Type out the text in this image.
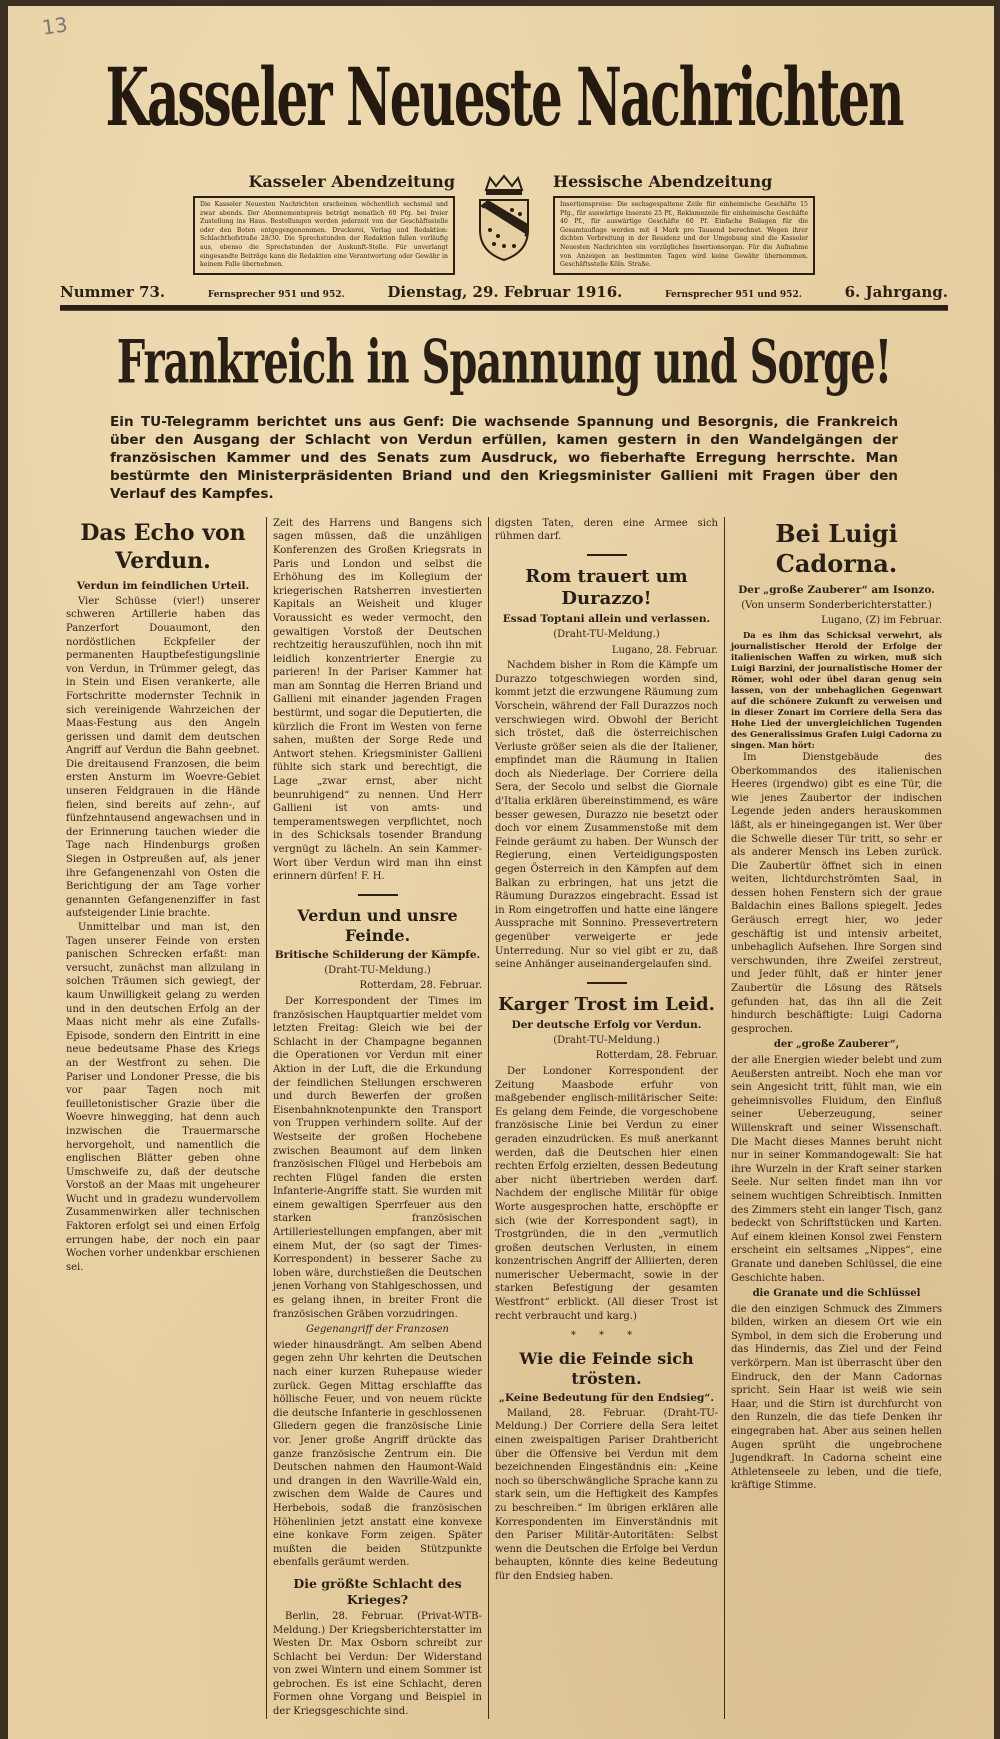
13
Kasseler Neueste Nachrichten
Kasseler Abendzeitung
Die Kasseler Neuesten Nachrichten erscheinen wöchentlich sechsmal und zwar abends. Der Abonnementspreis beträgt monatlich 60 Pfg. bei freier Zustellung ins Haus. Bestellungen werden jederzeit von der Geschäftsstelle oder den Boten entgegengenommen. Druckerei, Verlag und Redaktion: Schlachthofstraße 28/30. Die Sprechstunden der Redaktion fallen vorläufig aus, ebenso die Sprechstunden der Auskunft-Stelle. Für unverlangt eingesandte Beiträge kann die Redaktion eine Verantwortung oder Gewähr in keinem Falle übernehmen.
Hessische Abendzeitung
Insertionspreise: Die sechsgespaltene Zeile für einheimische Geschäfte 15 Pfg., für auswärtige Inserate 25 Pf., Reklamezeile für einheimische Geschäfte 40 Pf., für auswärtige Geschäfte 60 Pf. Einfache Beilagen für die Gesamtauflage werden mit 4 Mark pro Tausend berechnet. Wegen ihrer dichten Verbreitung in der Residenz und der Umgebung sind die Kasseler Neuesten Nachrichten ein vorzügliches Insertionsorgan. Für die Aufnahme von Anzeigen an bestimmten Tagen wird keine Gewähr übernommen. Geschäftsstelle Köln. Straße.
Nummer 73.	Fernsprecher 951 und 952.	Dienstag, 29. Februar 1916.	Fernsprecher 951 und 952.	6. Jahrgang.
Frankreich in Spannung und Sorge!
Ein TU-Telegramm berichtet uns aus Genf: Die wachsende Spannung und Besorgnis, die Frankreich über den Ausgang der Schlacht von Verdun erfüllen, kamen gestern in den Wandelgängen der französischen Kammer und des Senats zum Ausdruck, wo fieberhafte Erregung herrschte. Man bestürmte den Ministerpräsidenten Briand und den Kriegsminister Gallieni mit Fragen über den Verlauf des Kampfes.
Das Echo von Verdun.
Verdun im feindlichen Urteil.

Vier Schüsse (vier!) unserer schweren Artillerie haben das Panzerfort Douaumont, den nordöstlichen Eckpfeiler der permanenten Hauptbefestigungslinie von Verdun, in Trümmer gelegt, das in Stein und Eisen verankerte, alle Fortschritte modernster Technik in sich vereinigende Wahrzeichen der Maas-Festung aus den Angeln gerissen und damit dem deutschen Angriff auf Verdun die Bahn geebnet. Die dreitausend Franzosen, die beim ersten Ansturm im Woevre-Gebiet unseren Feldgrauen in die Hände fielen, sind bereits auf zehn-, auf fünfzehntausend angewachsen und in der Erinnerung tauchen wieder die Tage nach Hindenburgs großen Siegen in Ostpreußen auf, als jener ihre Gefangenenzahl von Osten die Berichtigung der am Tage vorher genannten Gefangenenziffer in fast aufsteigender Linie brachte.

Unmittelbar und man ist, den Tagen unserer Feinde von ersten panischen Schrecken erfaßt: man versucht, zunächst man allzulang in solchen Träumen sich gewiegt, der kaum Unwilligkeit gelang zu werden und in den deutschen Erfolg an der Maas nicht mehr als eine Zufalls-Episode, sondern den Eintritt in eine neue bedeutsame Phase des Kriegs an der Westfront zu sehen. Die Pariser und Londoner Presse, die bis vor paar Tagen noch mit feuilletonistischer Grazie über die Woevre hinwegging, hat denn auch inzwischen die Trauermarsche hervorgeholt, und namentlich die englischen Blätter geben ohne Umschweife zu, daß der deutsche Vorstoß an der Maas mit ungeheurer Wucht und in gradezu wundervollem Zusammenwirken aller technischen Faktoren erfolgt sei und einen Erfolg errungen habe, der noch ein paar Wochen vorher undenkbar erschienen sei.

Zeit des Harrens und Bangens sich sagen müssen, daß die unzähligen Konferenzen des Großen Kriegsrats in Paris und London und selbst die Erhöhung des im Kollegium der kriegerischen Ratsherren investierten Kapitals an Weisheit und kluger Voraussicht es weder vermocht, den gewaltigen Vorstoß der Deutschen rechtzeitig herauszufühlen, noch ihn mit leidlich konzentrierter Energie zu parieren! In der Pariser Kammer hat man am Sonntag die Herren Briand und Gallieni mit einander jagenden Fragen bestürmt, und sogar die Deputierten, die kürzlich die Front im Westen von ferne sahen, mußten der Sorge Rede und Antwort stehen. Kriegsminister Gallieni fühlte sich stark und berechtigt, die Lage „zwar ernst, aber nicht beunruhigend“ zu nennen. Und Herr Gallieni ist von amts- und temperamentswegen verpflichtet, noch in des Schicksals tosender Brandung vergnügt zu lächeln. An sein Kammer-Wort über Verdun wird man ihn einst erinnern dürfen! F. H.

Verdun und unsre Feinde.
Britische Schilderung der Kämpfe.
(Draht-TU-Meldung.)
Rotterdam, 28. Februar.

Der Korrespondent der Times im französischen Hauptquartier meldet vom letzten Freitag: Gleich wie bei der Schlacht in der Champagne begannen die Operationen vor Verdun mit einer Aktion in der Luft, die die Erkundung der feindlichen Stellungen erschweren und durch Bewerfen der großen Eisenbahnknotenpunkte den Transport von Truppen verhindern sollte. Auf der Westseite der großen Hochebene zwischen Beaumont auf dem linken französischen Flügel und Herbebois am rechten Flügel fanden die ersten Infanterie-Angriffe statt. Sie wurden mit einem gewaltigen Sperrfeuer aus den starken französischen Artilleriestellungen empfangen, aber mit einem Mut, der (so sagt der Times-Korrespondent) in besserer Sache zu loben wäre, durchstießen die Deutschen jenen Vorhang von Stahlgeschossen, und es gelang ihnen, in breiter Front die französischen Gräben vorzudringen.

Gegenangriff der Franzosen

wieder hinausdrängt. Am selben Abend gegen zehn Uhr kehrten die Deutschen nach einer kurzen Ruhepause wieder zurück. Gegen Mittag erschlaffte das höllische Feuer, und von neuem rückte die deutsche Infanterie in geschlossenen Gliedern gegen die französische Linie vor. Jener große Angriff drückte das ganze französische Zentrum ein. Die Deutschen nahmen den Haumont-Wald und drangen in den Wavrille-Wald ein, zwischen dem Walde de Caures und Herbebois, sodaß die französischen Höhenlinien jetzt anstatt eine konvexe eine konkave Form zeigen. Später mußten die beiden Stützpunkte ebenfalls geräumt werden.

Die größte Schlacht des Krieges?

Berlin, 28. Februar. (Privat-WTB-Meldung.) Der Kriegsberichterstatter im Westen Dr. Max Osborn schreibt zur Schlacht bei Verdun: Der Widerstand von zwei Wintern und einem Sommer ist gebrochen. Es ist eine Schlacht, deren Formen ohne Vorgang und Beispiel in der Kriegsgeschichte sind.

digsten Taten, deren eine Armee sich rühmen darf.

Rom trauert um Durazzo!
Essad Toptani allein und verlassen.
(Draht-TU-Meldung.)
Lugano, 28. Februar.

Nachdem bisher in Rom die Kämpfe um Durazzo totgeschwiegen worden sind, kommt jetzt die erzwungene Räumung zum Vorschein, während der Fall Durazzos noch verschwiegen wird. Obwohl der Bericht sich tröstet, daß die österreichischen Verluste größer seien als die der Italiener, empfindet man die Räumung in Italien doch als Niederlage. Der Corriere della Sera, der Secolo und selbst die Giornale d'Italia erklären übereinstimmend, es wäre besser gewesen, Durazzo nie besetzt oder doch vor einem Zusammenstoße mit dem Feinde geräumt zu haben. Der Wunsch der Regierung, einen Verteidigungsposten gegen Österreich in den Kämpfen auf dem Balkan zu erbringen, hat uns jetzt die Räumung Durazzos eingebracht. Essad ist in Rom eingetroffen und hatte eine längere Aussprache mit Sonnino. Pressevertretern gegenüber verweigerte er jede Unterredung. Nur so viel gibt er zu, daß seine Anhänger auseinandergelaufen sind.

Karger Trost im Leid.
Der deutsche Erfolg vor Verdun.
(Draht-TU-Meldung.)
Rotterdam, 28. Februar.

Der Londoner Korrespondent der Zeitung Maasbode erfuhr von maßgebender englisch-militärischer Seite: Es gelang dem Feinde, die vorgeschobene französische Linie bei Verdun zu einer geraden einzudrücken. Es muß anerkannt werden, daß die Deutschen hier einen rechten Erfolg erzielten, dessen Bedeutung aber nicht übertrieben werden darf. Nachdem der englische Militär für obige Worte ausgesprochen hatte, erschöpfte er sich (wie der Korrespondent sagt), in Trostgründen, die in den „vermutlich großen deutschen Verlusten, in einem konzentrischen Angriff der Alliierten, deren numerischer Uebermacht, sowie in der starken Befestigung der gesamten Westfront“ erblickt. (All dieser Trost ist recht verbraucht und karg.)

* * *
Wie die Feinde sich trösten.
„Keine Bedeutung für den Endsieg“.

Mailand, 28. Februar. (Draht-TU-Meldung.) Der Corriere della Sera leitet einen zweispaltigen Pariser Drahtbericht über die Offensive bei Verdun mit dem bezeichnenden Eingeständnis ein: „Keine noch so überschwängliche Sprache kann zu stark sein, um die Heftigkeit des Kampfes zu beschreiben.“ Im übrigen erklären alle Korrespondenten im Einverständnis mit den Pariser Militär-Autoritäten: Selbst wenn die Deutschen die Erfolge bei Verdun behaupten, könnte dies keine Bedeutung für den Endsieg haben.

Bei Luigi Cadorna.
Der „große Zauberer“ am Isonzo.
(Von unserm Sonderberichterstatter.)
Lugano, (Z) im Februar.

Da es ihm das Schicksal verwehrt, als journalistischer Herold der Erfolge der italienischen Waffen zu wirken, muß sich Luigi Barzini, der journalistische Homer der Römer, wohl oder übel daran genug sein lassen, von der unbehaglichen Gegenwart auf die schönere Zukunft zu verweisen und in dieser Zonart im Corriere della Sera das Hohe Lied der unvergleichlichen Tugenden des Generalissimus Grafen Luigi Cadorna zu singen. Man hört:

Im Dienstgebäude des Oberkommandos des italienischen Heeres (irgendwo) gibt es eine Tür, die wie jenes Zaubertor der indischen Legende jeden anders herauskommen läßt, als er hineingegangen ist. Wer über die Schwelle dieser Tür tritt, so sehr er als anderer Mensch ins Leben zurück. Die Zaubertür öffnet sich in einen weiten, lichtdurchströmten Saal, in dessen hohen Fenstern sich der graue Baldachin eines Ballons spiegelt. Jedes Geräusch erregt hier, wo jeder geschäftig ist und intensiv arbeitet, unbehaglich Aufsehen. Ihre Sorgen sind verschwunden, ihre Zweifel zerstreut, und Jeder fühlt, daß er hinter jener Zaubertür die Lösung des Rätsels gefunden hat, das ihn all die Zeit hindurch beschäftigte: Luigi Cadorna gesprochen.

der „große Zauberer“,

der alle Energien wieder belebt und zum Aeußersten antreibt. Noch ehe man vor sein Angesicht tritt, fühlt man, wie ein geheimnisvolles Fluidum, den Einfluß seiner Ueberzeugung, seiner Willenskraft und seiner Wissenschaft. Die Macht dieses Mannes beruht nicht nur in seiner Kommandogewalt: Sie hat ihre Wurzeln in der Kraft seiner starken Seele. Nur selten findet man ihn vor seinem wuchtigen Schreibtisch. Inmitten des Zimmers steht ein langer Tisch, ganz bedeckt von Schriftstücken und Karten. Auf einem kleinen Konsol zwei Fenstern erscheint ein seltsames „Nippes“, eine Granate und daneben Schlüssel, die eine Geschichte haben.

die Granate und die Schlüssel

die den einzigen Schmuck des Zimmers bilden, wirken an diesem Ort wie ein Symbol, in dem sich die Eroberung und das Hindernis, das Ziel und der Feind verkörpern. Man ist überrascht über den Eindruck, den der Mann Cadornas spricht. Sein Haar ist weiß wie sein Haar, und die Stirn ist durchfurcht von den Runzeln, die das tiefe Denken ihr eingegraben hat. Aber aus seinen hellen Augen sprüht die ungebrochene Jugendkraft. In Cadorna scheint eine Athletenseele zu leben, und die tiefe, kräftige Stimme.
